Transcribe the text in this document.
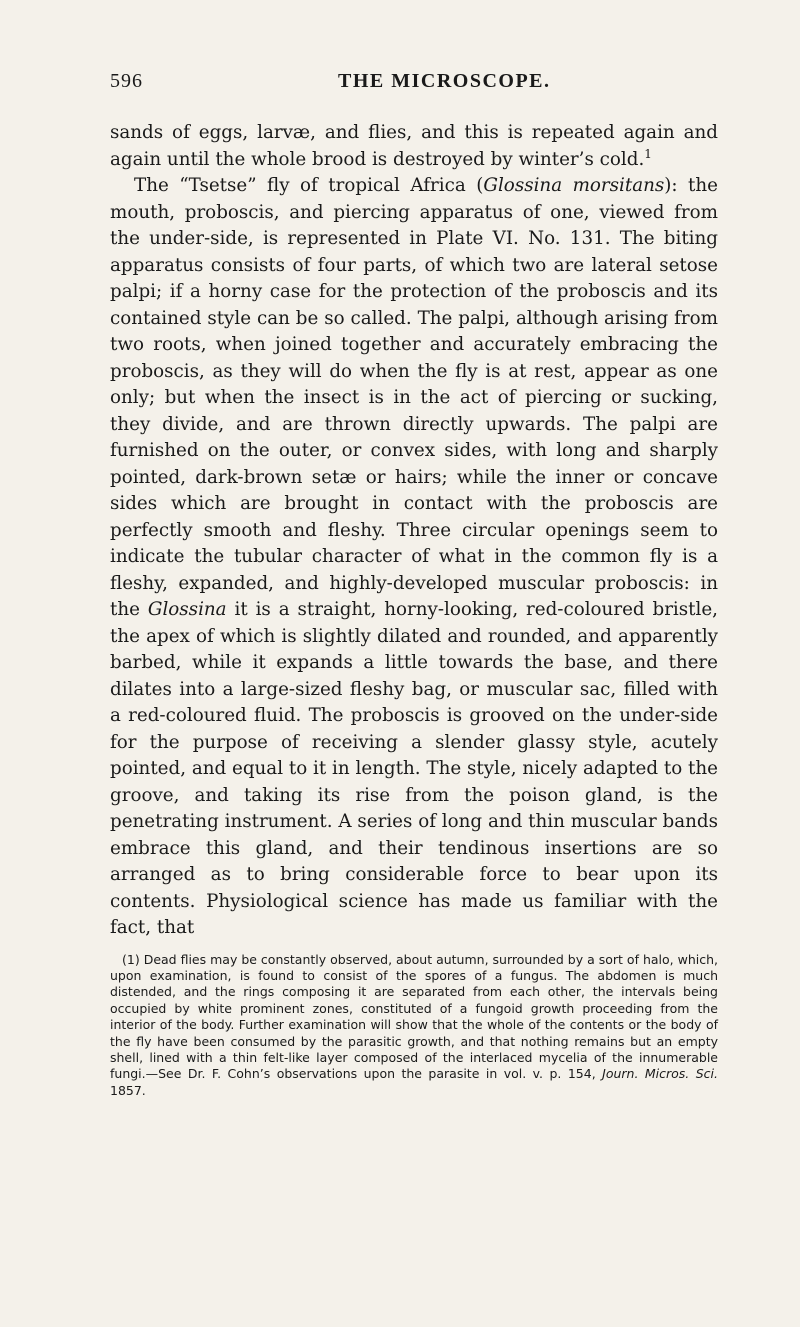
596	THE MICROSCOPE.

sands of eggs, larvæ, and flies, and this is repeated again and again until the whole brood is destroyed by winter’s cold.$^1$

The “Tsetse” fly of tropical Africa (Glossina morsitans): the mouth, proboscis, and piercing apparatus of one, viewed from the under-side, is represented in Plate VI. No. 131. The biting apparatus consists of four parts, of which two are lateral setose palpi; if a horny case for the protection of the proboscis and its contained style can be so called. The palpi, although arising from two roots, when joined together and accurately embracing the proboscis, as they will do when the fly is at rest, appear as one only; but when the insect is in the act of piercing or sucking, they divide, and are thrown directly upwards. The palpi are furnished on the outer, or convex sides, with long and sharply pointed, dark-brown setæ or hairs; while the inner or concave sides which are brought in contact with the proboscis are perfectly smooth and fleshy. Three circular openings seem to indicate the tubular character of what in the common fly is a fleshy, expanded, and highly-developed muscular proboscis: in the Glossina it is a straight, horny-looking, red-coloured bristle, the apex of which is slightly dilated and rounded, and apparently barbed, while it expands a little towards the base, and there dilates into a large-sized fleshy bag, or muscular sac, filled with a red-coloured fluid. The proboscis is grooved on the under-side for the purpose of receiving a slender glassy style, acutely pointed, and equal to it in length. The style, nicely adapted to the groove, and taking its rise from the poison gland, is the penetrating instrument. A series of long and thin muscular bands embrace this gland, and their tendinous insertions are so arranged as to bring considerable force to bear upon its contents. Physiological science has made us familiar with the fact, that

(1) Dead flies may be constantly observed, about autumn, surrounded by a sort of halo, which, upon examination, is found to consist of the spores of a fungus. The abdomen is much distended, and the rings composing it are separated from each other, the intervals being occupied by white prominent zones, constituted of a fungoid growth proceeding from the interior of the body. Further examination will show that the whole of the contents or the body of the fly have been consumed by the parasitic growth, and that nothing remains but an empty shell, lined with a thin felt-like layer composed of the interlaced mycelia of the innumerable fungi.—See Dr. F. Cohn’s observations upon the parasite in vol. v. p. 154, Journ. Micros. Sci. 1857.
